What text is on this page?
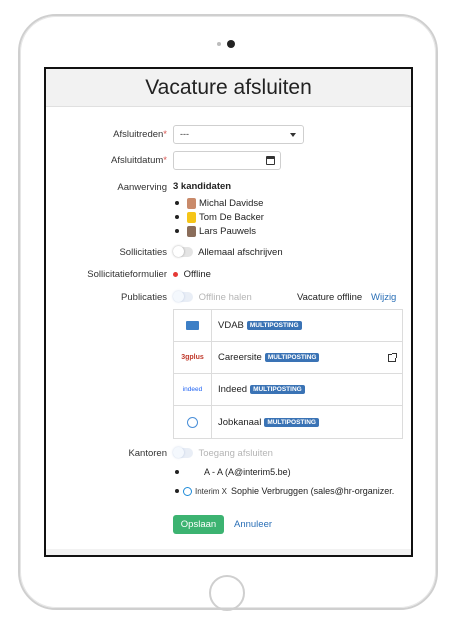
Vacature afsluiten
Afsluitreden*	---
Afsluitdatum*
Aanwerving 3 kandidaten
Michal Davidse
Tom De Backer
Lars Pauwels
Sollicitaties	Allemaal afschrijven
Sollicitatieformulier	Offline
Publicaties	Offline halen	Vacature offline Wijzig
VDAB MULTIPOSTING
3gplus Careersite MULTIPOSTING
indeed Indeed MULTIPOSTING
Jobkanaal MULTIPOSTING
Kantoren	Toegang afsluiten
A - A (A@interim5.be)
Interim X Sophie Verbruggen (sales@hr-organizer.
Opslaan	Annuleer
